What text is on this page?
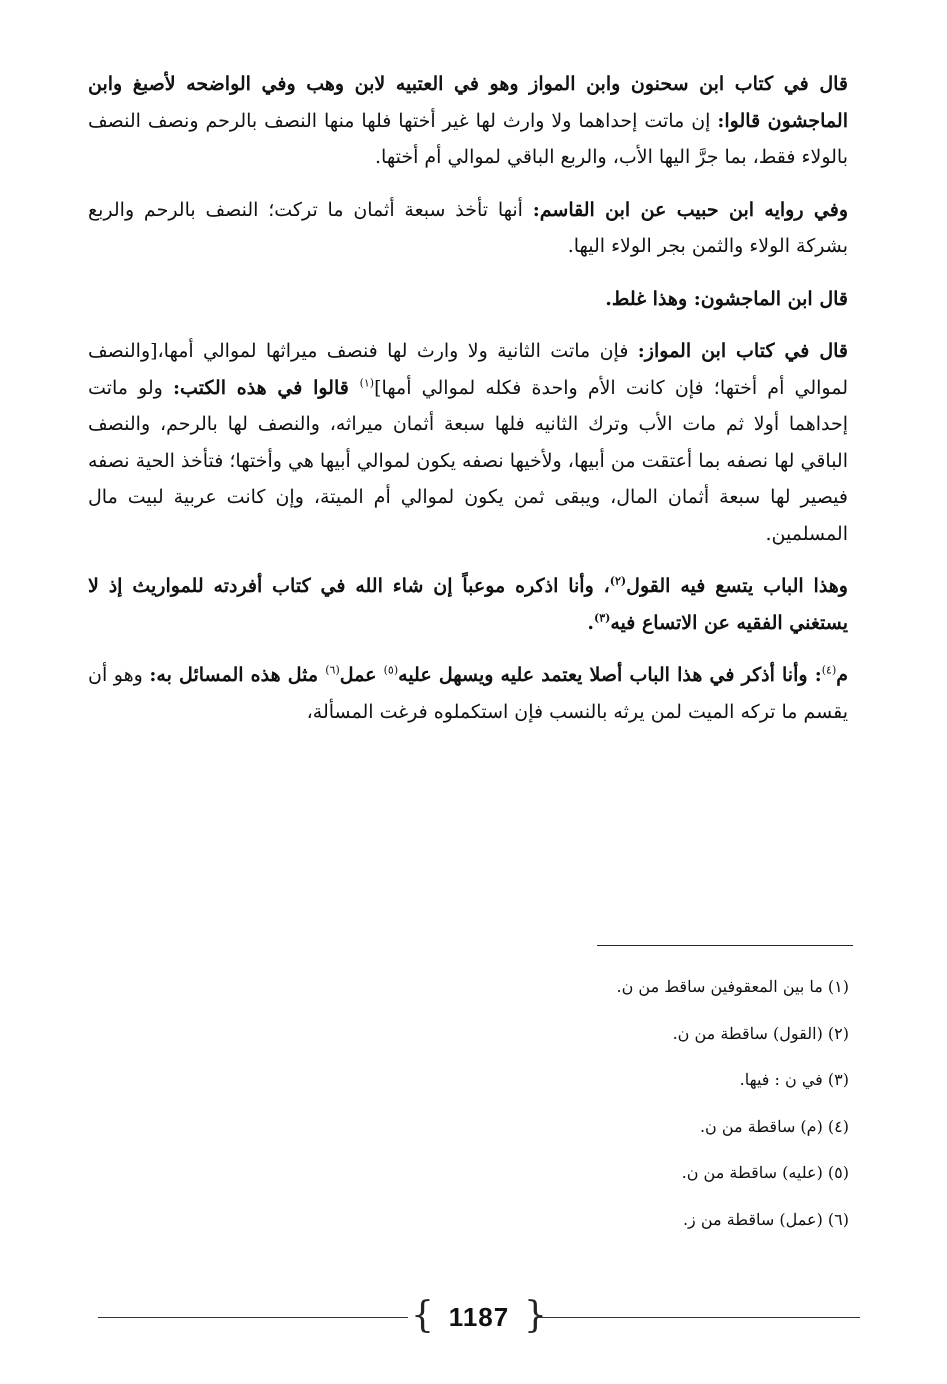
قال في كتاب ابن سحنون وابن المواز وهو في العتبيه لابن وهب وفي الواضحه لأصبغ وابن الماجشون قالوا: إن ماتت إحداهما ولا وارث لها غير أختها فلها منها النصف بالرحم ونصف النصف بالولاء فقط، بما جرَّ اليها الأب، والربع الباقي لموالي أم أختها.

وفي روايه ابن حبيب عن ابن القاسم: أنها تأخذ سبعة أثمان ما تركت؛ النصف بالرحم والربع بشركة الولاء والثمن بجر الولاء اليها.

قال ابن الماجشون: وهذا غلط.

قال في كتاب ابن المواز: فإن ماتت الثانية ولا وارث لها فنصف ميراثها لموالي أمها،[والنصف لموالي أم أختها؛ فإن كانت الأم واحدة فكله لموالي أمها]$^{(١)}$ قالوا في هذه الكتب: ولو ماتت إحداهما أولا ثم مات الأب وترك الثانيه فلها سبعة أثمان ميراثه، والنصف لها بالرحم، والنصف الباقي لها نصفه بما أعتقت من أبيها، ولأخيها نصفه يكون لموالي أبيها هي وأختها؛ فتأخذ الحية نصفه فيصير لها سبعة أثمان المال، ويبقى ثمن يكون لموالي أم الميتة، وإن كانت عربية لبيت مال المسلمين.

وهذا الباب يتسع فيه القول$^{(٢)}$، وأنا اذكره موعباً إن شاء الله في كتاب أفردته للمواريث إذ لا يستغني الفقيه عن الاتساع فيه$^{(٣)}$.

م$^{(٤)}$: وأنا أذكر في هذا الباب أصلا يعتمد عليه ويسهل عليه$^{(٥)}$ عمل$^{(٦)}$ مثل هذه المسائل به: وهو أن يقسم ما تركه الميت لمن يرثه بالنسب فإن استكملوه فرغت المسألة،

(١) ما بين المعقوفين ساقط من ن.
(٢) (القول) ساقطة من ن.
(٣) في ن : فيها.
(٤) (م) ساقطة من ن.
(٥) (عليه) ساقطة من ن.
(٦) (عمل) ساقطة من ز.
{ 1187 }
